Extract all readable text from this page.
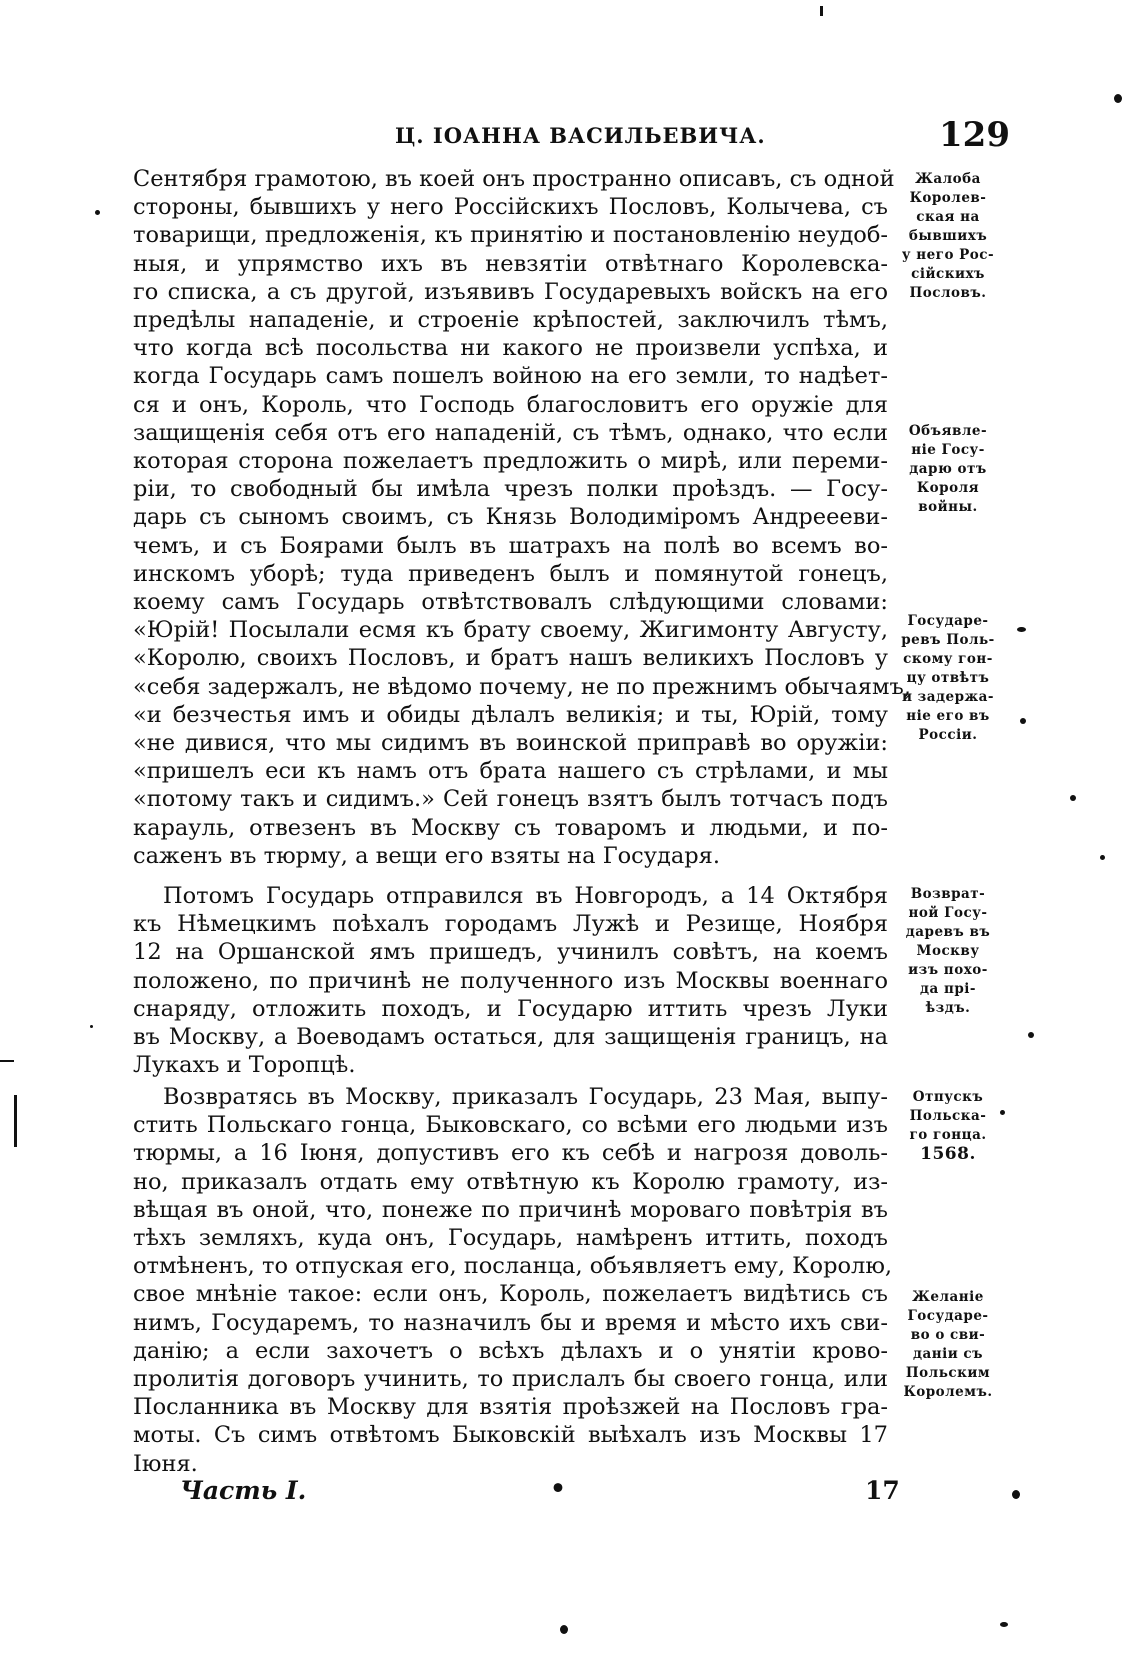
Ц. ІОАННА ВАСИЛЬЕВИЧА.	129
Сентября грамотою, въ коей онъ пространно описавъ, съ одной
стороны, бывшихъ у него Россійскихъ Пословъ, Колычева, съ
товарищи, предложенія, къ принятію и постановленію неудоб-
ныя, и упрямство ихъ въ невзятіи отвѣтнаго Королевска-
го списка, а съ другой, изъявивъ Государевыхъ войскъ на его
предѣлы нападеніе, и строеніе крѣпостей, заключилъ тѣмъ,
что когда всѣ посольства ни какого не произвели успѣха, и
когда Государь самъ пошелъ войною на его земли, то надѣет-
ся и онъ, Король, что Господь благословитъ его оружіе для
защищенія себя отъ его нападеній, съ тѣмъ, однако, что если
которая сторона пожелаетъ предложить о мирѣ, или переми-
ріи, то свободный бы имѣла чрезъ полки проѣздъ. — Госу-
дарь съ сыномъ своимъ, съ Князь Володиміромъ Андреееви-
чемъ, и съ Боярами былъ въ шатрахъ на полѣ во всемъ во-
инскомъ уборѣ; туда приведенъ былъ и помянутой гонецъ,
коему самъ Государь отвѣтствовалъ слѣдующими словами:
«Юрій! Посылали есмя къ брату своему, Жигимонту Августу,
«Королю, своихъ Пословъ, и братъ нашъ великихъ Пословъ у
«себя задержалъ, не вѣдомо почему, не по прежнимъ обычаямъ,
«и безчестья имъ и обиды дѣлалъ великія; и ты, Юрій, тому
«не дивися, что мы сидимъ въ воинской приправѣ во оружіи:
«пришелъ еси къ намъ отъ брата нашего съ стрѣлами, и мы
«потому такъ и сидимъ.» Сей гонецъ взятъ былъ тотчасъ подъ
карауль, отвезенъ въ Москву съ товаромъ и людьми, и по-
саженъ въ тюрму, а вещи его взяты на Государя.
Потомъ Государь отправился въ Новгородъ, а 14 Октября
къ Нѣмецкимъ поѣхалъ городамъ Лужѣ и Резище, Ноября
12 на Оршанской ямъ пришедъ, учинилъ совѣтъ, на коемъ
положено, по причинѣ не полученного изъ Москвы военнаго
снаряду, отложить походъ, и Государю иттить чрезъ Луки
въ Москву, а Воеводамъ остаться, для защищенія границъ, на
Лукахъ и Торопцѣ.
Возвратясь въ Москву, приказалъ Государь, 23 Мая, выпу-
стить Польскаго гонца, Быковскаго, со всѣми его людьми изъ
тюрмы, а 16 Іюня, допустивъ его къ себѣ и нагрозя доволь-
но, приказалъ отдать ему отвѣтную къ Королю грамоту, из-
вѣщая въ оной, что, понеже по причинѣ мороваго повѣтрія въ
тѣхъ земляхъ, куда онъ, Государь, намѣренъ иттить, походъ
отмѣненъ, то отпуская его, посланца, объявляетъ ему, Королю,
свое мнѣніе такое: если онъ, Король, пожелаетъ видѣтись съ
нимъ, Государемъ, то назначилъ бы и время и мѣсто ихъ сви-
данію; а если захочетъ о всѣхъ дѣлахъ и о унятіи крово-
пролитія договоръ учинить, то прислалъ бы своего гонца, или
Посланника въ Москву для взятія проѣзжей на Пословъ гра-
моты. Съ симъ отвѣтомъ Быковскій выѣхалъ изъ Москвы 17
Іюня.
Жалоба
Королев-
ская на
бывшихъ
у него Рос-
сійскихъ
Пословъ.
Объявле-
ніе Госу-
дарю отъ
Короля
войны.
Государе-
ревъ Поль-
скому гон-
цу отвѣтъ
и задержа-
ніе его въ
Россіи.
Возврат-
ной Госу-
даревъ въ
Москву
изъ похо-
да прі-
ѣздъ.
Отпускъ
Польска-
го гонца.
1568.
Желаніе
Государе-
во о сви-
даніи съ
Польским
Королемъ.
Часть I.	•	17
